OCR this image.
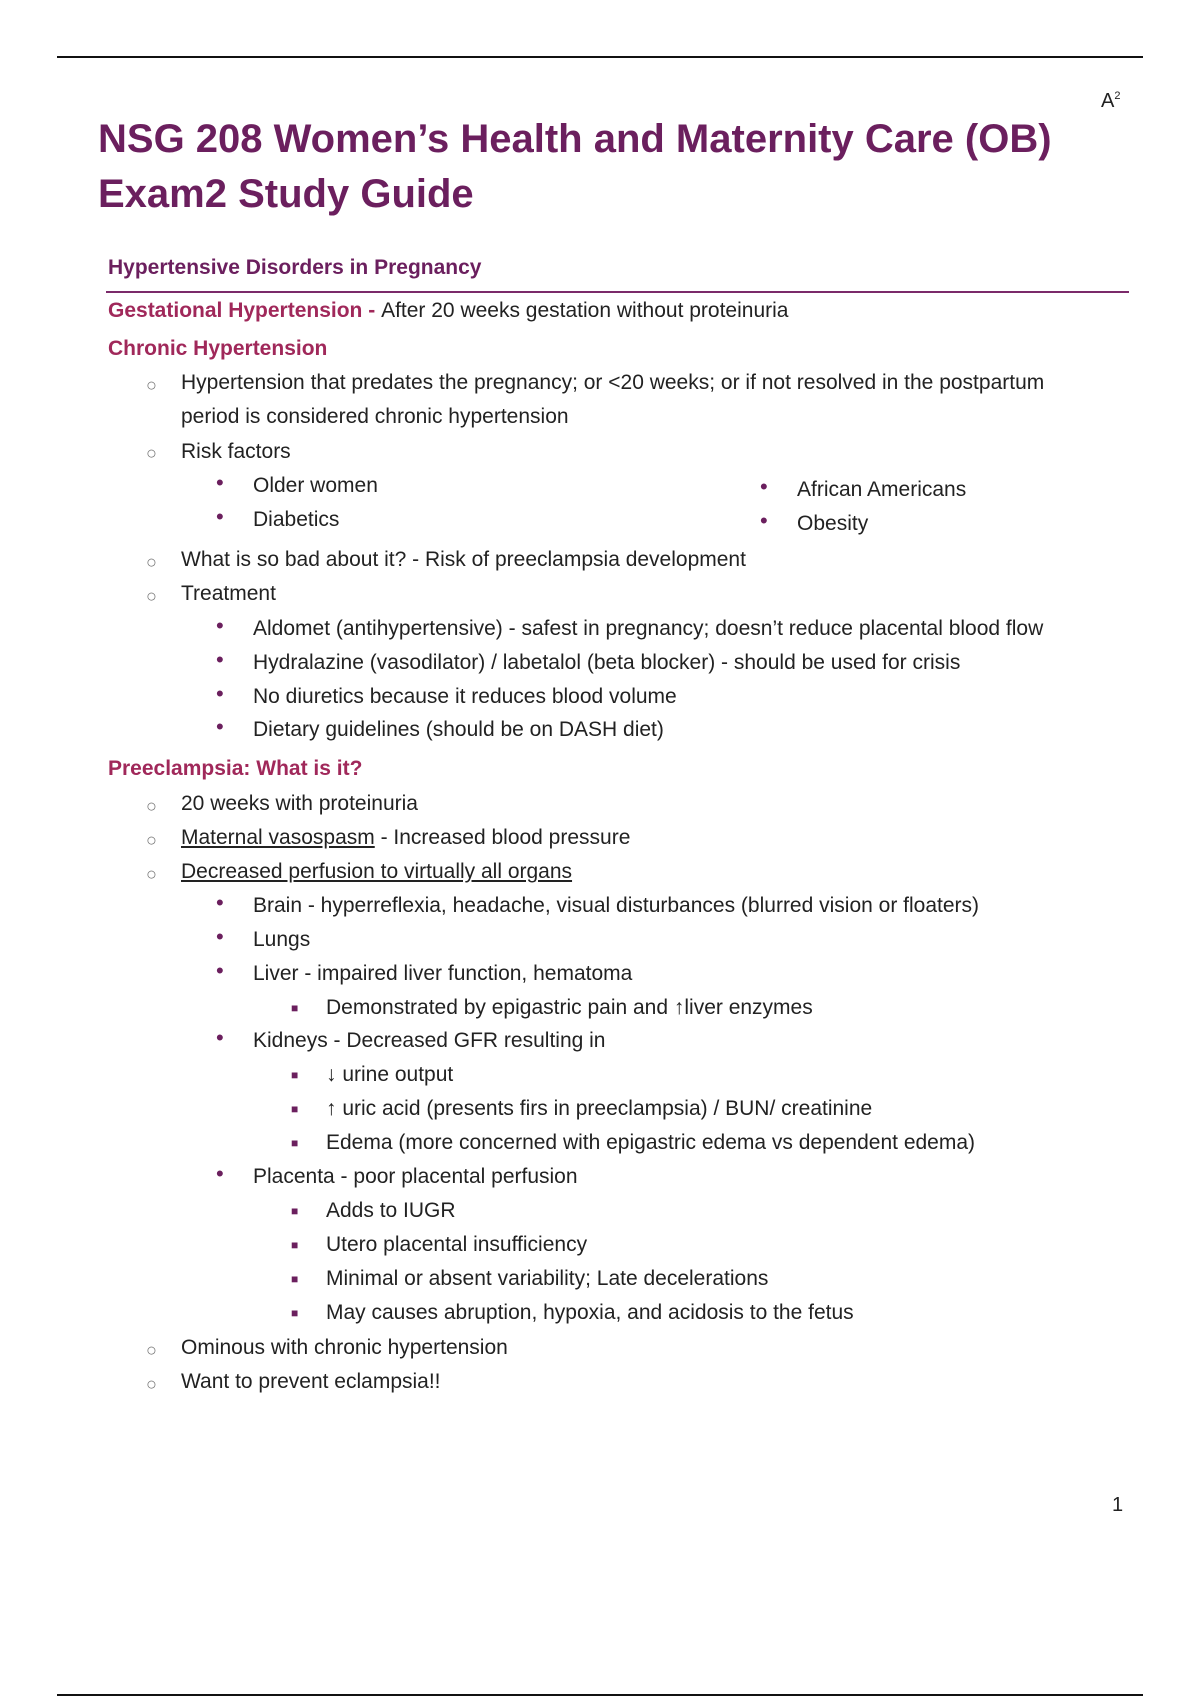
$A^2$
NSG 208 Women’s Health and Maternity Care (OB) Exam2 Study Guide
Hypertensive Disorders in Pregnancy
Gestational Hypertension - After 20 weeks gestation without proteinuria
Chronic Hypertension
○ Hypertension that predates the pregnancy; or <20 weeks; or if not resolved in the postpartum
period is considered chronic hypertension
○ Risk factors
• Older women
• Diabetics
• African Americans
• Obesity
○ What is so bad about it? - Risk of preeclampsia development
○ Treatment
• Aldomet (antihypertensive) - safest in pregnancy; doesn’t reduce placental blood flow
• Hydralazine (vasodilator) / labetalol (beta blocker) - should be used for crisis
• No diuretics because it reduces blood volume
• Dietary guidelines (should be on DASH diet)
Preeclampsia: What is it?
○ 20 weeks with proteinuria
○ Maternal vasospasm - Increased blood pressure
○ Decreased perfusion to virtually all organs
• Brain - hyperreflexia, headache, visual disturbances (blurred vision or floaters)
• Lungs
• Liver - impaired liver function, hematoma
■ Demonstrated by epigastric pain and ↑liver enzymes
• Kidneys - Decreased GFR resulting in
■ ↓ urine output
■ ↑ uric acid (presents firs in preeclampsia) / BUN/ creatinine
■ Edema (more concerned with epigastric edema vs dependent edema)
• Placenta - poor placental perfusion
■ Adds to IUGR
■ Utero placental insufficiency
■ Minimal or absent variability; Late decelerations
■ May causes abruption, hypoxia, and acidosis to the fetus
○ Ominous with chronic hypertension
○ Want to prevent eclampsia!!
1
